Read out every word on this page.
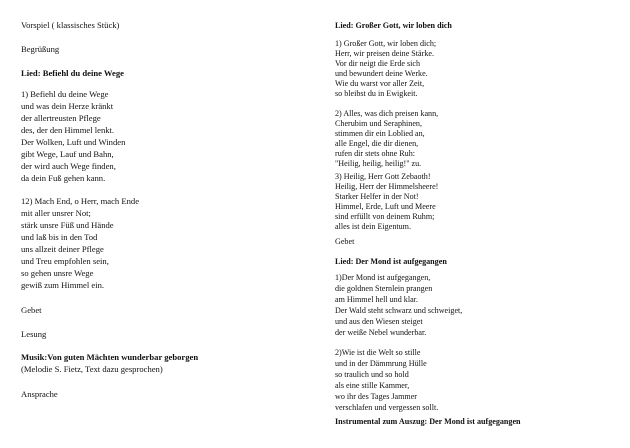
Vorspiel ( klassisches Stück)
Begrüßung
Lied: Befiehl du deine Wege
1) Befiehl du deine Wege
und was dein Herze kränkt
der allertreusten Pflege
des, der den Himmel lenkt.
Der Wolken, Luft und Winden
gibt Wege, Lauf und Bahn,
der wird auch Wege finden,
da dein Fuß gehen kann.
12) Mach End, o Herr, mach Ende
mit aller unsrer Not;
stärk unsre Füß und Hände
und laß bis in den Tod
uns allzeit deiner Pflege
und Treu empfohlen sein,
so gehen unsre Wege
gewiß zum Himmel ein.
Gebet
Lesung
Musik:Von guten Mächten wunderbar geborgen
(Melodie S. Fietz, Text dazu gesprochen)
Ansprache
Lied: Großer Gott, wir loben dich
1) Großer Gott, wir loben dich;
Herr, wir preisen deine Stärke.
Vor dir neigt die Erde sich
und bewundert deine Werke.
Wie du warst vor aller Zeit,
so bleibst du in Ewigkeit.
2) Alles, was dich preisen kann,
Cherubim und Seraphinen,
stimmen dir ein Loblied an,
alle Engel, die dir dienen,
rufen dir stets ohne Ruh:
"Heilig, heilig, heilig!" zu.
3) Heilig, Herr Gott Zebaoth!
Heilig, Herr der Himmelsheere!
Starker Helfer in der Not!
Himmel, Erde, Luft und Meere
sind erfüllt von deinem Ruhm;
alles ist dein Eigentum.
Gebet
Lied: Der Mond ist aufgegangen
1)Der Mond ist aufgegangen,
die goldnen Sternlein prangen
am Himmel hell und klar.
Der Wald steht schwarz und schweiget,
und aus den Wiesen steiget
der weiße Nebel wunderbar.
2)Wie ist die Welt so stille
und in der Dämmrung Hülle
so traulich und so hold
als eine stille Kammer,
wo ihr des Tages Jammer
verschlafen und vergessen sollt.
Instrumental zum Auszug: Der Mond ist aufgegangen
